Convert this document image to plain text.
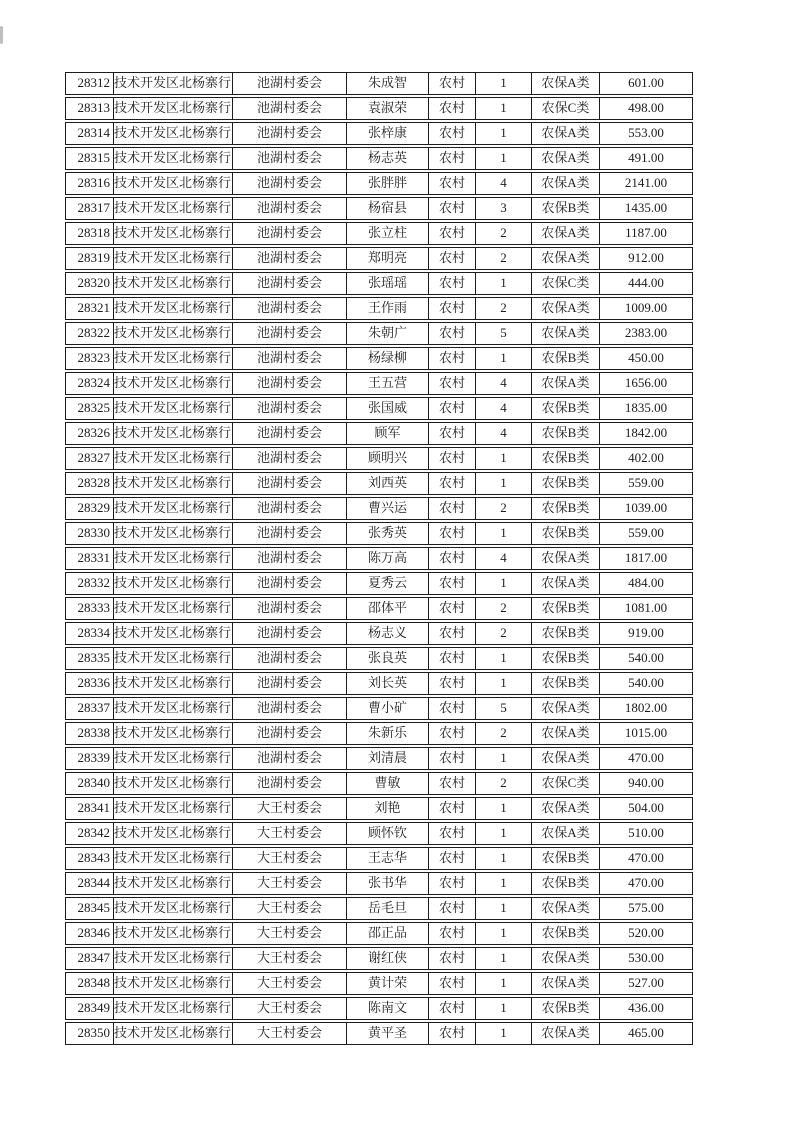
28312 技术开发区北杨寨行	池湖村委会	朱成智	农村	1	农保A类	601.00
28313 技术开发区北杨寨行	池湖村委会	袁淑荣	农村	1	农保C类	498.00
28314 技术开发区北杨寨行	池湖村委会	张梓康	农村	1	农保A类	553.00
28315 技术开发区北杨寨行	池湖村委会	杨志英	农村	1	农保A类	491.00
28316 技术开发区北杨寨行	池湖村委会	张胖胖	农村	4	农保A类	2141.00
28317 技术开发区北杨寨行	池湖村委会	杨宿县	农村	3	农保B类	1435.00
28318 技术开发区北杨寨行	池湖村委会	张立柱	农村	2	农保A类	1187.00
28319 技术开发区北杨寨行	池湖村委会	郑明亮	农村	2	农保A类	912.00
28320 技术开发区北杨寨行	池湖村委会	张瑶瑶	农村	1	农保C类	444.00
28321 技术开发区北杨寨行	池湖村委会	王作雨	农村	2	农保A类	1009.00
28322 技术开发区北杨寨行	池湖村委会	朱朝广	农村	5	农保A类	2383.00
28323 技术开发区北杨寨行	池湖村委会	杨绿柳	农村	1	农保B类	450.00
28324 技术开发区北杨寨行	池湖村委会	王五营	农村	4	农保A类	1656.00
28325 技术开发区北杨寨行	池湖村委会	张国威	农村	4	农保B类	1835.00
28326 技术开发区北杨寨行	池湖村委会	顾军	农村	4	农保B类	1842.00
28327 技术开发区北杨寨行	池湖村委会	顾明兴	农村	1	农保B类	402.00
28328 技术开发区北杨寨行	池湖村委会	刘西英	农村	1	农保B类	559.00
28329 技术开发区北杨寨行	池湖村委会	曹兴运	农村	2	农保B类	1039.00
28330 技术开发区北杨寨行	池湖村委会	张秀英	农村	1	农保B类	559.00
28331 技术开发区北杨寨行	池湖村委会	陈万高	农村	4	农保A类	1817.00
28332 技术开发区北杨寨行	池湖村委会	夏秀云	农村	1	农保A类	484.00
28333 技术开发区北杨寨行	池湖村委会	邵体平	农村	2	农保B类	1081.00
28334 技术开发区北杨寨行	池湖村委会	杨志义	农村	2	农保B类	919.00
28335 技术开发区北杨寨行	池湖村委会	张良英	农村	1	农保B类	540.00
28336 技术开发区北杨寨行	池湖村委会	刘长英	农村	1	农保B类	540.00
28337 技术开发区北杨寨行	池湖村委会	曹小矿	农村	5	农保A类	1802.00
28338 技术开发区北杨寨行	池湖村委会	朱新乐	农村	2	农保A类	1015.00
28339 技术开发区北杨寨行	池湖村委会	刘清晨	农村	1	农保A类	470.00
28340 技术开发区北杨寨行	池湖村委会	曹敏	农村	2	农保C类	940.00
28341 技术开发区北杨寨行	大王村委会	刘艳	农村	1	农保A类	504.00
28342 技术开发区北杨寨行	大王村委会	顾怀钦	农村	1	农保A类	510.00
28343 技术开发区北杨寨行	大王村委会	王志华	农村	1	农保B类	470.00
28344 技术开发区北杨寨行	大王村委会	张书华	农村	1	农保B类	470.00
28345 技术开发区北杨寨行	大王村委会	岳毛旦	农村	1	农保A类	575.00
28346 技术开发区北杨寨行	大王村委会	邵正品	农村	1	农保B类	520.00
28347 技术开发区北杨寨行	大王村委会	谢红侠	农村	1	农保A类	530.00
28348 技术开发区北杨寨行	大王村委会	黄计荣	农村	1	农保A类	527.00
28349 技术开发区北杨寨行	大王村委会	陈南文	农村	1	农保B类	436.00
28350 技术开发区北杨寨行	大王村委会	黄平圣	农村	1	农保A类	465.00
